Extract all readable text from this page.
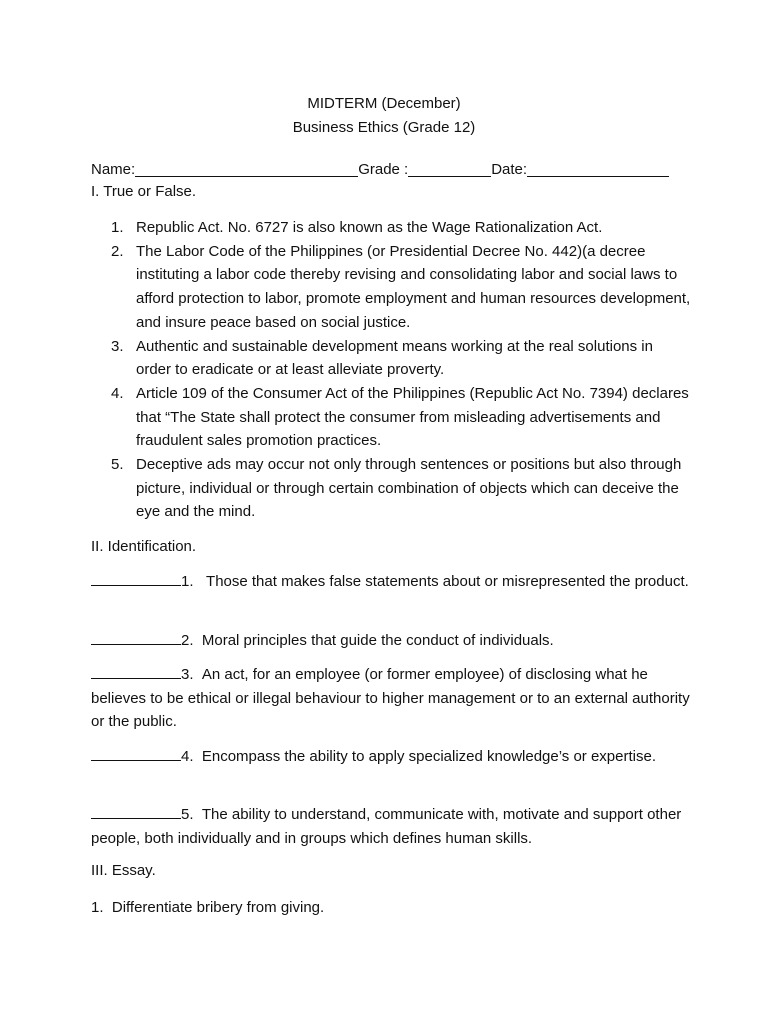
MIDTERM (December)
Business Ethics (Grade 12)
Name:	Grade :	Date:
I. True or False.
1. Republic Act. No. 6727 is also known as the Wage Rationalization Act.
2. The Labor Code of the Philippines (or Presidential Decree No. 442)(a decree instituting a labor code thereby revising and consolidating labor and social laws to afford protection to labor, promote employment and human resources development, and insure peace based on social justice.
3. Authentic and sustainable development means working at the real solutions in order to eradicate or at least alleviate proverty.
4. Article 109 of the Consumer Act of the Philippines (Republic Act No. 7394) declares that “The State shall protect the consumer from misleading advertisements and fraudulent sales promotion practices.
5. Deceptive ads may occur not only through sentences or positions but also through picture, individual or through certain combination of objects which can deceive the eye and the mind.
II. Identification.
1. Those that makes false statements about or misrepresented the product.
2. Moral principles that guide the conduct of individuals.
3. An act, for an employee (or former employee) of disclosing what he believes to be ethical or illegal behaviour to higher management or to an external authority or the public.
4. Encompass the ability to apply specialized knowledge’s or expertise.
5. The ability to understand, communicate with, motivate and support other people, both individually and in groups which defines human skills.
III. Essay.
1. Differentiate bribery from giving.
